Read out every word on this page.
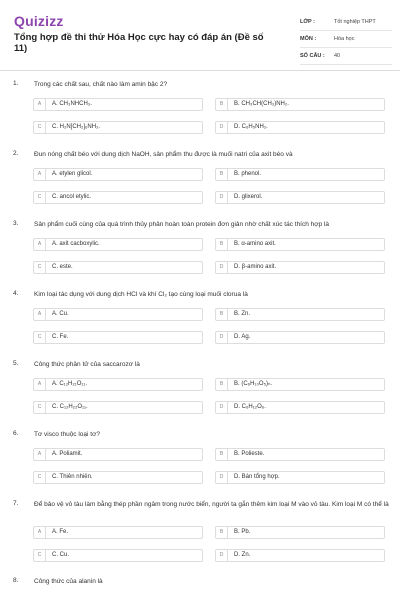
Quizizz
Tổng hợp đề thi thử Hóa Học cực hay có đáp án (Đề số 11)
LỚP :	Tốt nghiệp THPT
MÔN :	Hóa học
SỐ CÂU :	40
1. Trong các chất sau, chất nào làm amin bậc 2?
A	A. CH₃NHCH₃.	B	B. CH₃CH(CH₃)NH₂.
C	C. H₂N[CH₂]₆NH₂.	D	D. C₆H₅NH₂.
2. Đun nóng chất béo với dung dịch NaOH, sản phẩm thu được là muối natri của axit béo và
A	A. etylen glicol.	B	B. phenol.
C	C. ancol etylic.	D	D. glixerol.
3. Sản phẩm cuối cùng của quá trình thủy phân hoàn toàn protein đơn giản nhờ chất xúc tác thích hợp là
A	A. axit cacboxylic.	B	B. α-amino axit.
C	C. este.	D	D. β-amino axit.
4. Kim loại tác dụng với dung dịch HCl và khí Cl₂ tạo cùng loại muối clorua là
A	A. Cu.	B	B. Zn.
C	C. Fe.	D	D. Ag.
5. Công thức phân tử của saccarozơ là
A	A. C₁₂H₂₁O₁₁.	B	B. (C₆H₁₀O₅)ₙ.
C	C. C₁₂H₂₂O₁₁.	D	D. C₆H₁₂O₆.
6. Tơ visco thuộc loại tơ?
A	A. Poliamit.	B	B. Polieste.
C	C. Thiên nhiên.	D	D. Bán tổng hợp.
7. Để bảo vệ vỏ tàu làm bằng thép phần ngâm trong nước biển, người ta gắn thêm kim loại M vào vỏ tàu. Kim loại M có thể là
A	A. Fe.	B	B. Pb.
C	C. Cu.	D	D. Zn.
8. Công thức của alanin là
